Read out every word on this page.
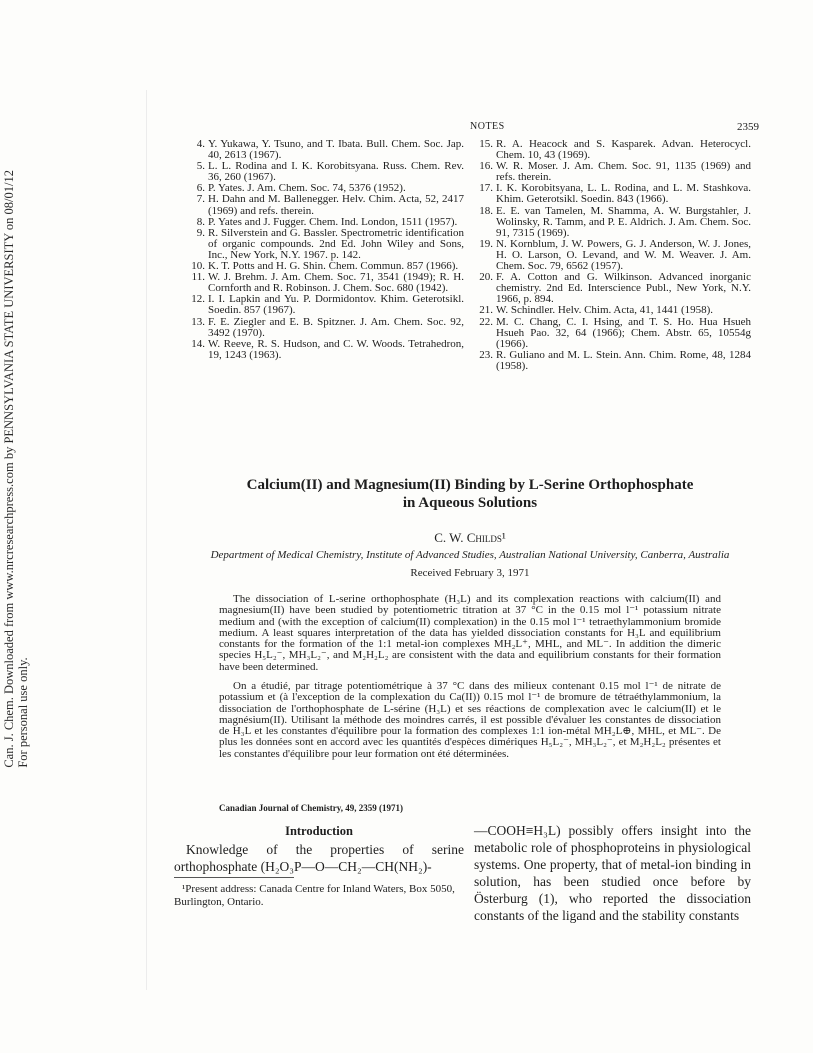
Can. J. Chem. Downloaded from www.nrcresearchpress.com by PENNSYLVANIA STATE UNIVERSITY on 08/01/12 For personal use only.
NOTES	2359
4. Y. Yukawa, Y. Tsuno, and T. Ibata. Bull. Chem. Soc. Jap. 40, 2613 (1967).
5. L. L. Rodina and I. K. Korobitsyana. Russ. Chem. Rev. 36, 260 (1967).
6. P. Yates. J. Am. Chem. Soc. 74, 5376 (1952).
7. H. Dahn and M. Ballenegger. Helv. Chim. Acta, 52, 2417 (1969) and refs. therein.
8. P. Yates and J. Fugger. Chem. Ind. London, 1511 (1957).
9. R. Silverstein and G. Bassler. Spectrometric identification of organic compounds. 2nd Ed. John Wiley and Sons, Inc., New York, N.Y. 1967. p. 142.
10. K. T. Potts and H. G. Shin. Chem. Commun. 857 (1966).
11. W. J. Brehm. J. Am. Chem. Soc. 71, 3541 (1949); R. H. Cornforth and R. Robinson. J. Chem. Soc. 680 (1942).
12. I. I. Lapkin and Yu. P. Dormidontov. Khim. Geterotsikl. Soedin. 857 (1967).
13. F. E. Ziegler and E. B. Spitzner. J. Am. Chem. Soc. 92, 3492 (1970).
14. W. Reeve, R. S. Hudson, and C. W. Woods. Tetrahedron, 19, 1243 (1963).
15. R. A. Heacock and S. Kasparek. Advan. Heterocycl. Chem. 10, 43 (1969).
16. W. R. Moser. J. Am. Chem. Soc. 91, 1135 (1969) and refs. therein.
17. I. K. Korobitsyana, L. L. Rodina, and L. M. Stashkova. Khim. Geterotsikl. Soedin. 843 (1966).
18. E. E. van Tamelen, M. Shamma, A. W. Burgstahler, J. Wolinsky, R. Tamm, and P. E. Aldrich. J. Am. Chem. Soc. 91, 7315 (1969).
19. N. Kornblum, J. W. Powers, G. J. Anderson, W. J. Jones, H. O. Larson, O. Levand, and W. M. Weaver. J. Am. Chem. Soc. 79, 6562 (1957).
20. F. A. Cotton and G. Wilkinson. Advanced inorganic chemistry. 2nd Ed. Interscience Publ., New York, N.Y. 1966, p. 894.
21. W. Schindler. Helv. Chim. Acta, 41, 1441 (1958).
22. M. C. Chang, C. I. Hsing, and T. S. Ho. Hua Hsueh Hsueh Pao. 32, 64 (1966); Chem. Abstr. 65, 10554g (1966).
23. R. Guliano and M. L. Stein. Ann. Chim. Rome, 48, 1284 (1958).
Calcium(II) and Magnesium(II) Binding by L-Serine Orthophosphate
in Aqueous Solutions
C. W. Childs¹
Department of Medical Chemistry, Institute of Advanced Studies, Australian National University, Canberra, Australia
Received February 3, 1971

The dissociation of L-serine orthophosphate (H₃L) and its complexation reactions with calcium(II) and magnesium(II) have been studied by potentiometric titration at 37 °C in the 0.15 mol l⁻¹ potassium nitrate medium and (with the exception of calcium(II) complexation) in the 0.15 mol l⁻¹ tetraethylammonium bromide medium. A least squares interpretation of the data has yielded dissociation constants for H₃L and equilibrium constants for the formation of the 1:1 metal-ion complexes MH₂L⁺, MHL, and ML⁻. In addition the dimeric species H₅L₂⁻, MH₃L₂⁻, and M₂H₂L₂ are consistent with the data and equilibrium constants for their formation have been determined.

On a étudié, par titrage potentiométrique à 37 °C dans des milieux contenant 0.15 mol l⁻¹ de nitrate de potassium et (à l'exception de la complexation du Ca(II)) 0.15 mol l⁻¹ de bromure de tétraéthylammonium, la dissociation de l'orthophosphate de L-sérine (H₃L) et ses réactions de complexation avec le calcium(II) et le magnésium(II). Utilisant la méthode des moindres carrés, il est possible d'évaluer les constantes de dissociation de H₃L et les constantes d'équilibre pour la formation des complexes 1:1 ion-métal MH₂L⊕, MHL, et ML⁻. De plus les données sont en accord avec les quantités d'espèces dimériques H₅L₂⁻, MH₃L₂⁻, et M₂H₂L₂ présentes et les constantes d'équilibre pour leur formation ont été déterminées.

Canadian Journal of Chemistry, 49, 2359 (1971)
Introduction

Knowledge of the properties of serine orthophosphate (H₂O₃P—O—CH₂—CH(NH₂)-

¹Present address: Canada Centre for Inland Waters, Box 5050, Burlington, Ontario.

—COOH≡H₃L) possibly offers insight into the metabolic role of phosphoproteins in physiological systems. One property, that of metal-ion binding in solution, has been studied once before by Österburg (1), who reported the dissociation constants of the ligand and the stability constants
